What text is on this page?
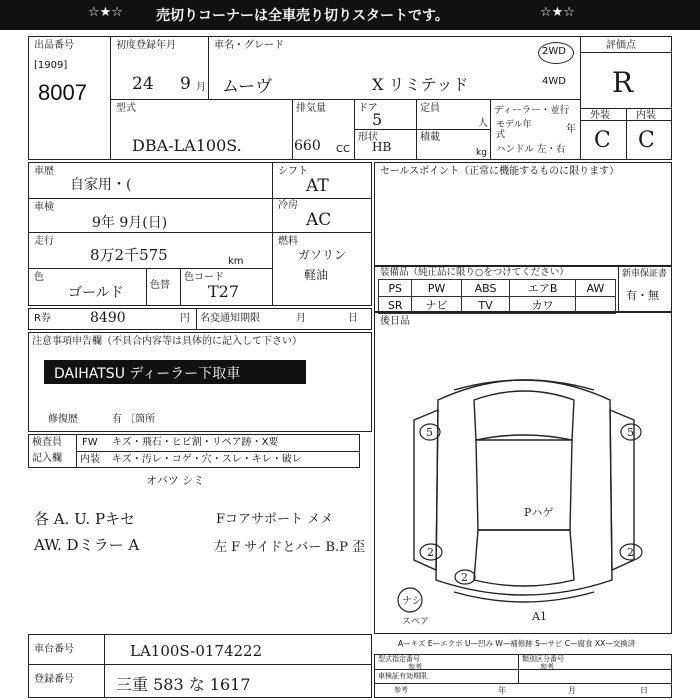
☆★☆ 売切りコーナーは全車売り切りスタートです。	☆★☆
出品番号
[1909]
8007
初度登録年月
24 9 月
車名・グレード
ムーヴ	X リミテッド
2WD
4WD
型式
DBA-LA100S.
排気量
660 CC
ドア
5
形状
HB
定員
人
積載
kg
ディーラー・並行
モデル年式
年
ハンドル 左・右
評価点
R
外装	内装
C C
車歴
自家用・(
車検
9年 9月(日)
走行
8万2千575	km
色
ゴールド	色替
色コード
T27
シフト
AT
冷房
AC
燃料
ガソリン
軽油
R券	8490	円 名変通知期限	月	日
セールスポイント（正常に機能するものに限ります）
装備品（純正品に限り○をつけてください）
PS	PW	ABS	エアB	AW
SR	ナビ	TV	カワ	
新車保証書
有・無
後日品
注意事項申告欄（不具合内容等は具体的に記入して下さい）
DAIHATSU ディーラー下取車
修復歴	有 〔箇所
検査員
記入欄
FW キズ・飛石・ヒビ割・リペア跡・X要
内装 キズ・汚レ・コゲ・穴・スレ・キレ・破レ
オバツ シミ
各 A. U. Pキセ
AW. Dミラー A
Fコアサポート メメ
左 F サイドとバー B.P 歪
5	5
2	2
2
Pハゲ
A1
ナシ
スペア
A—キズ E—エクボ U—凹み W—補修跡 S—サビ C—腐食 XX—交換済
車台番号	LA100S-0174222
登録番号	三重 583 な 1617
型式指定番号
参考
類別区分番号
参考
車検証有効期限
参考	年	月	日
